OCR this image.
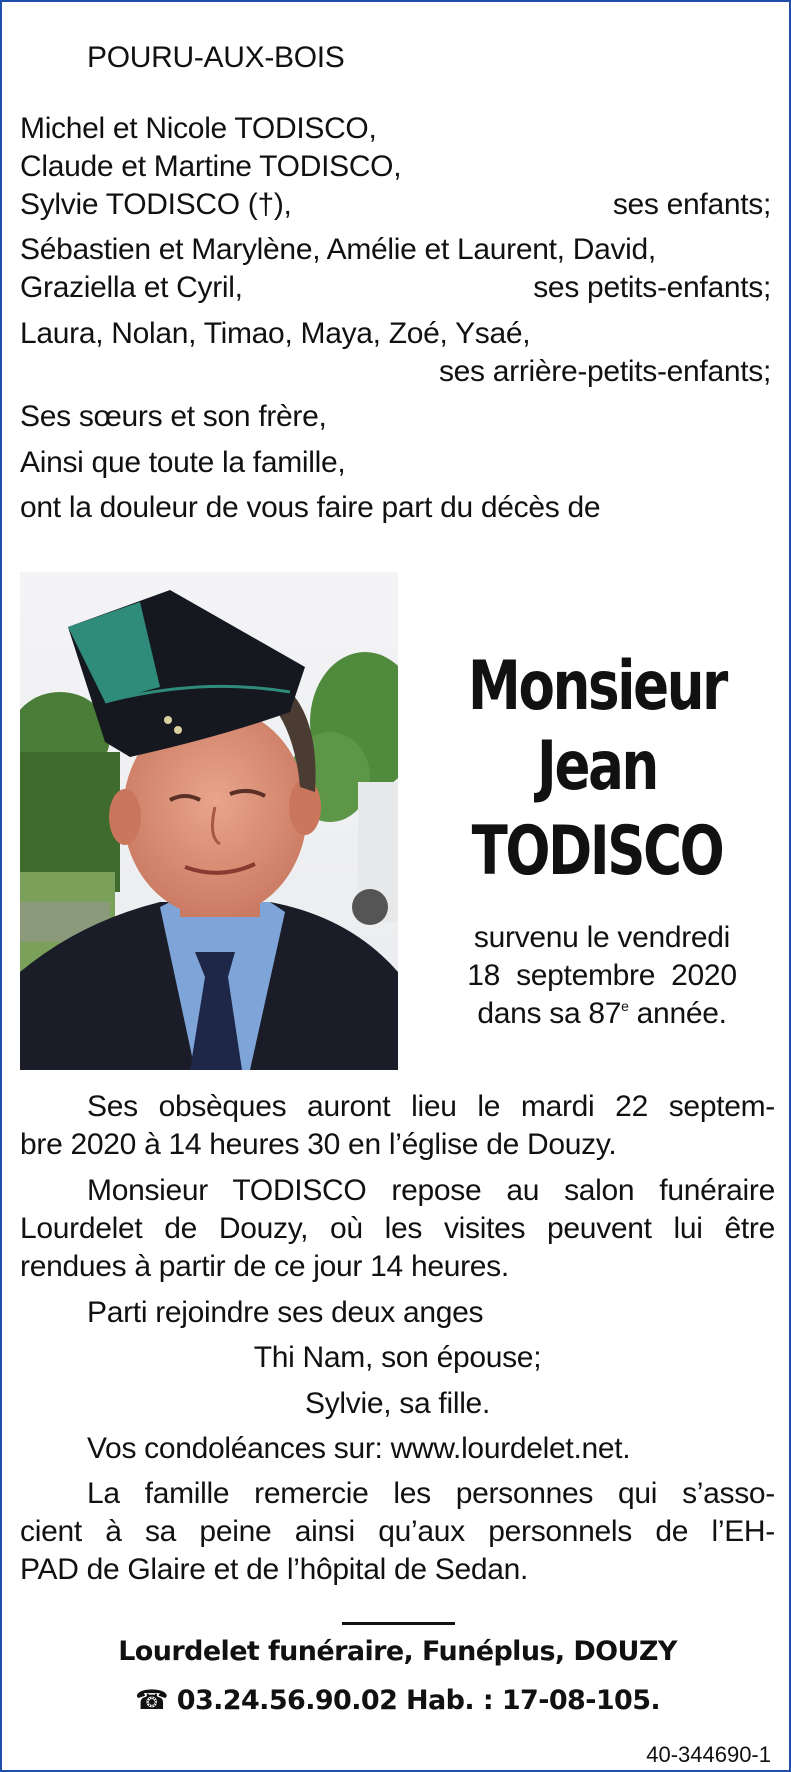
POURU-AUX-BOIS
Michel et Nicole TODISCO,
Claude et Martine TODISCO,
Sylvie TODISCO (†),	ses enfants;
Sébastien et Marylène, Amélie et Laurent, David,
Graziella et Cyril,	ses petits-enfants;
Laura, Nolan, Timao, Maya, Zoé, Ysaé,
ses arrière-petits-enfants;
Ses sœurs et son frère,
Ainsi que toute la famille,
ont la douleur de vous faire part du décès de
Monsieur
Jean
TODISCO
survenu le vendredi
18 septembre 2020
dans sa 87e année.
Ses obsèques auront lieu le mardi 22 septem-
bre 2020 à 14 heures 30 en l’église de Douzy.
Monsieur TODISCO repose au salon funéraire
Lourdelet de Douzy, où les visites peuvent lui être
rendues à partir de ce jour 14 heures.
Parti rejoindre ses deux anges
Thi Nam, son épouse;
Sylvie, sa fille.
Vos condoléances sur: www.lourdelet.net.
La famille remercie les personnes qui s’asso-
cient à sa peine ainsi qu’aux personnels de l’EH-
PAD de Glaire et de l’hôpital de Sedan.
Lourdelet funéraire, Funéplus, DOUZY
☎ 03.24.56.90.02 Hab. : 17-08-105.
40-344690-1
